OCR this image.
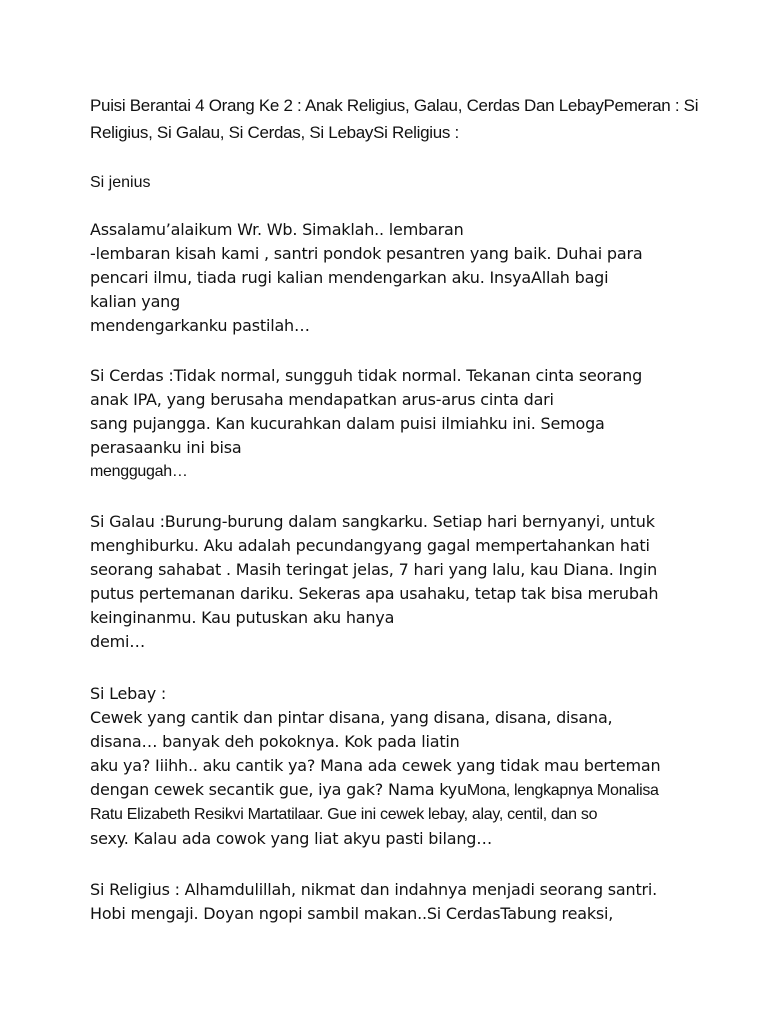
Puisi Berantai 4 Orang Ke 2 : Anak Religius, Galau, Cerdas Dan LebayPemeran : Si Religius, Si Galau, Si Cerdas, Si LebaySi Religius :

Si jenius

Assalamu’alaikum Wr. Wb. Simaklah.. lembaran
-lembaran kisah kami , santri pondok pesantren yang baik. Duhai para
pencari ilmu, tiada rugi kalian mendengarkan aku. InsyaAllah bagi
kalian yang
mendengarkanku pastilah…

Si Cerdas :Tidak normal, sungguh tidak normal. Tekanan cinta seorang
anak IPA, yang berusaha mendapatkan arus-arus cinta dari
sang pujangga. Kan kucurahkan dalam puisi ilmiahku ini. Semoga
perasaanku ini bisa
menggugah…

Si Galau :Burung-burung dalam sangkarku. Setiap hari bernyanyi, untuk
menghiburku. Aku adalah pecundangyang gagal mempertahankan hati
seorang sahabat . Masih teringat jelas, 7 hari yang lalu, kau Diana. Ingin
putus pertemanan dariku. Sekeras apa usahaku, tetap tak bisa merubah
keinginanmu. Kau putuskan aku hanya
demi…

Si Lebay :
Cewek yang cantik dan pintar disana, yang disana, disana, disana,
disana… banyak deh pokoknya. Kok pada liatin
aku ya? Iiihh.. aku cantik ya? Mana ada cewek yang tidak mau berteman
dengan cewek secantik gue, iya gak? Nama kyuMona, lengkapnya Monalisa
Ratu Elizabeth Resikvi Martatilaar. Gue ini cewek lebay, alay, centil, dan so
sexy. Kalau ada cowok yang liat akyu pasti bilang…

Si Religius : Alhamdulillah, nikmat dan indahnya menjadi seorang santri.
Hobi mengaji. Doyan ngopi sambil makan..Si CerdasTabung reaksi,
